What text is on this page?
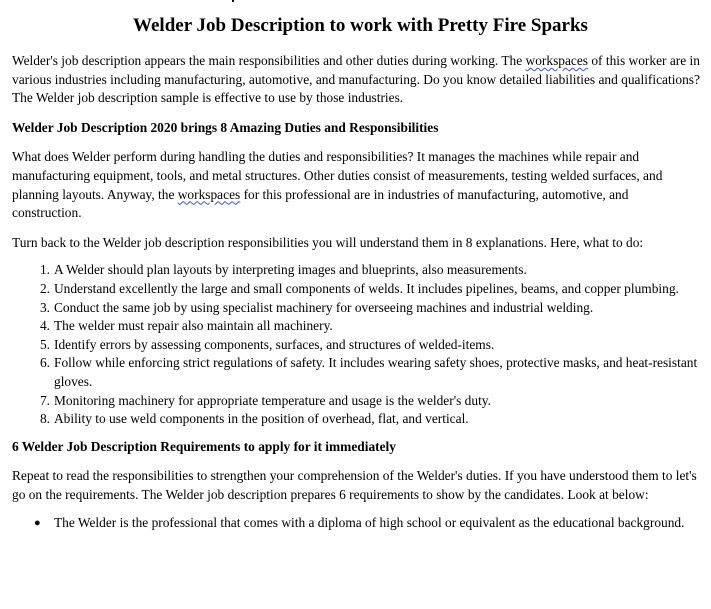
Welder Job Description to work with Pretty Fire Sparks

Welder's job description appears the main responsibilities and other duties during working. The workspaces of this worker are in various industries including manufacturing, automotive, and manufacturing. Do you know detailed liabilities and qualifications? The Welder job description sample is effective to use by those industries.

Welder Job Description 2020 brings 8 Amazing Duties and Responsibilities

What does Welder perform during handling the duties and responsibilities? It manages the machines while repair and manufacturing equipment, tools, and metal structures. Other duties consist of measurements, testing welded surfaces, and planning layouts. Anyway, the workspaces for this professional are in industries of manufacturing, automotive, and construction.

Turn back to the Welder job description responsibilities you will understand them in 8 explanations. Here, what to do:

1. A Welder should plan layouts by interpreting images and blueprints, also measurements.
2. Understand excellently the large and small components of welds. It includes pipelines, beams, and copper plumbing.
3. Conduct the same job by using specialist machinery for overseeing machines and industrial welding.
4. The welder must repair also maintain all machinery.
5. Identify errors by assessing components, surfaces, and structures of welded-items.
6. Follow while enforcing strict regulations of safety. It includes wearing safety shoes, protective masks, and heat-resistant gloves.
7. Monitoring machinery for appropriate temperature and usage is the welder's duty.
8. Ability to use weld components in the position of overhead, flat, and vertical.

6 Welder Job Description Requirements to apply for it immediately

Repeat to read the responsibilities to strengthen your comprehension of the Welder's duties. If you have understood them to let's go on the requirements. The Welder job description prepares 6 requirements to show by the candidates. Look at below:

● The Welder is the professional that comes with a diploma of high school or equivalent as the educational background.
